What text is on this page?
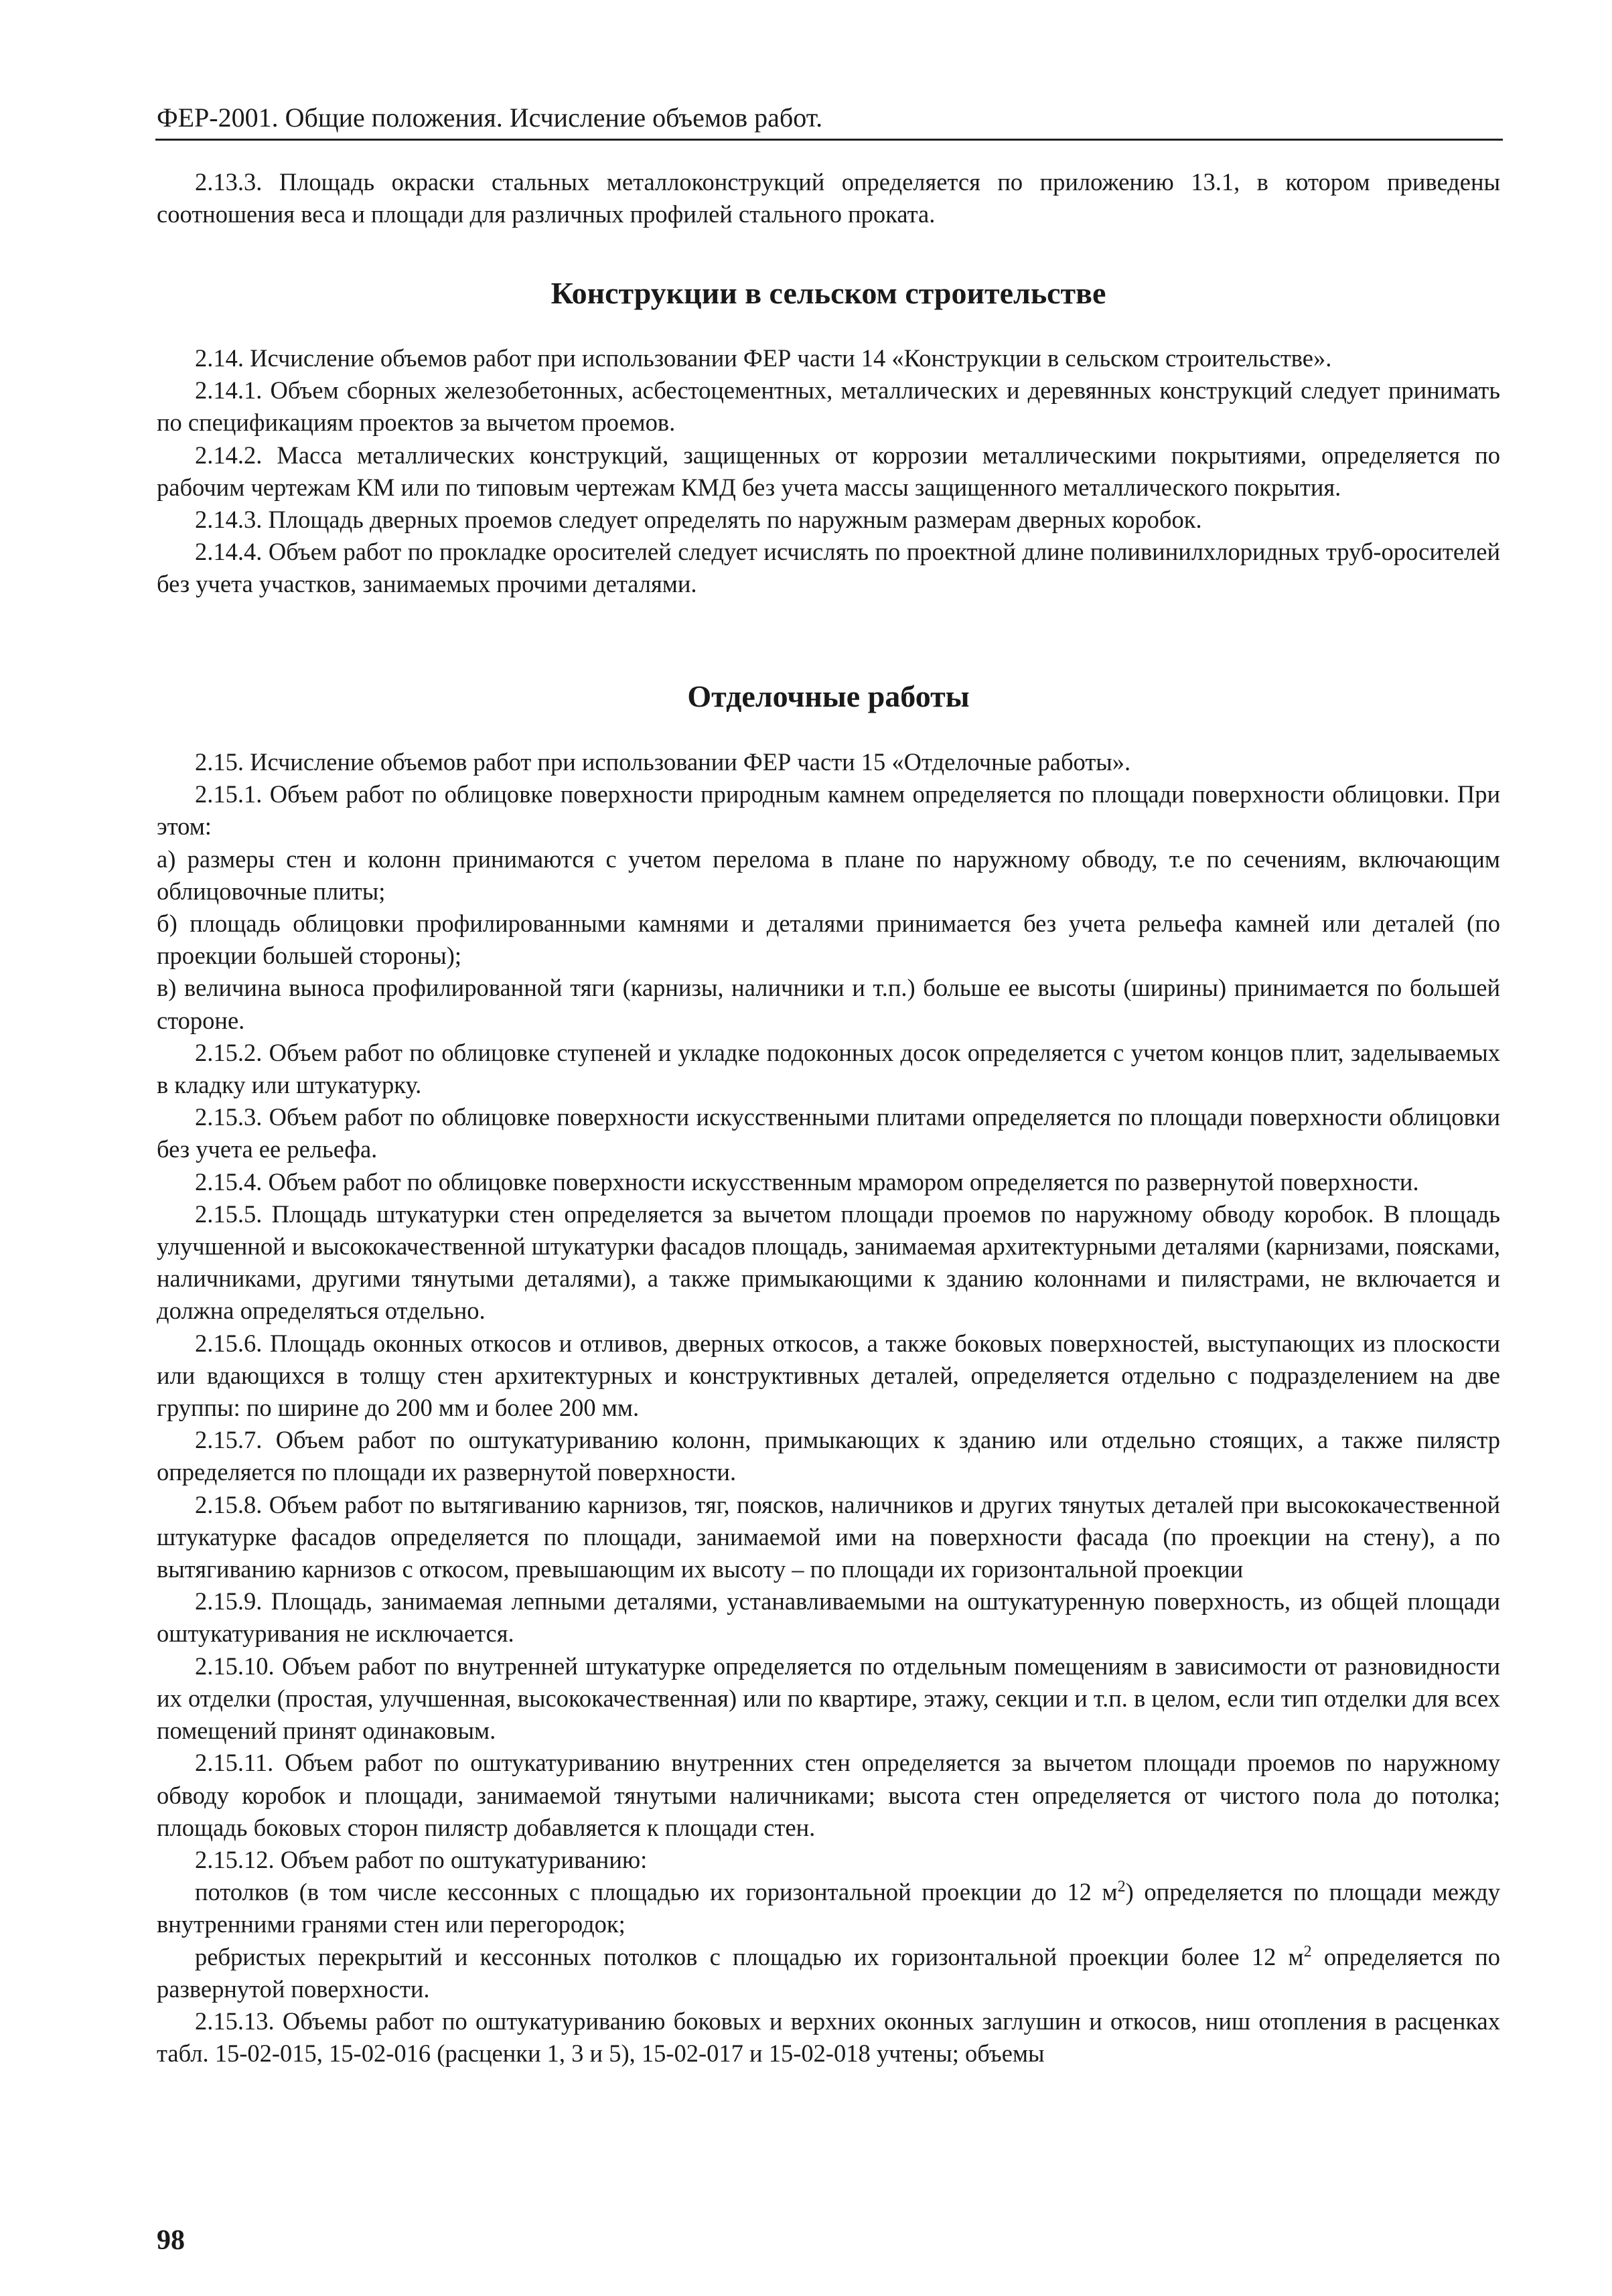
ФЕР-2001. Общие положения. Исчисление объемов работ.

2.13.3. Площадь окраски стальных металлоконструкций определяется по приложению 13.1, в котором приведены соотношения веса и площади для различных профилей стального проката.

Конструкции в сельском строительстве

2.14. Исчисление объемов работ при использовании ФЕР части 14 «Конструкции в сельском строительстве».

2.14.1. Объем сборных железобетонных, асбестоцементных, металлических и деревянных конструкций следует принимать по спецификациям проектов за вычетом проемов.

2.14.2. Масса металлических конструкций, защищенных от коррозии металлическими покрытиями, определяется по рабочим чертежам КМ или по типовым чертежам КМД без учета массы защищенного металлического покрытия.

2.14.3. Площадь дверных проемов следует определять по наружным размерам дверных коробок.

2.14.4. Объем работ по прокладке оросителей следует исчислять по проектной длине поливинилхлоридных труб-оросителей без учета участков, занимаемых прочими деталями.

Отделочные работы

2.15. Исчисление объемов работ при использовании ФЕР части 15 «Отделочные работы».

2.15.1. Объем работ по облицовке поверхности природным камнем определяется по площади поверхности облицовки. При этом:

а) размеры стен и колонн принимаются с учетом перелома в плане по наружному обводу, т.е по сечениям, включающим облицовочные плиты;

б) площадь облицовки профилированными камнями и деталями принимается без учета рельефа камней или деталей (по проекции большей стороны);

в) величина выноса профилированной тяги (карнизы, наличники и т.п.) больше ее высоты (ширины) принимается по большей стороне.

2.15.2. Объем работ по облицовке ступеней и укладке подоконных досок определяется с учетом концов плит, заделываемых в кладку или штукатурку.

2.15.3. Объем работ по облицовке поверхности искусственными плитами определяется по площади поверхности облицовки без учета ее рельефа.

2.15.4. Объем работ по облицовке поверхности искусственным мрамором определяется по развернутой поверхности.

2.15.5. Площадь штукатурки стен определяется за вычетом площади проемов по наружному обводу коробок. В площадь улучшенной и высококачественной штукатурки фасадов площадь, занимаемая архитектурными деталями (карнизами, поясками, наличниками, другими тянутыми деталями), а также примыкающими к зданию колоннами и пилястрами, не включается и должна определяться отдельно.

2.15.6. Площадь оконных откосов и отливов, дверных откосов, а также боковых поверхностей, выступающих из плоскости или вдающихся в толщу стен архитектурных и конструктивных деталей, определяется отдельно с подразделением на две группы: по ширине до 200 мм и более 200 мм.

2.15.7. Объем работ по оштукатуриванию колонн, примыкающих к зданию или отдельно стоящих, а также пилястр определяется по площади их развернутой поверхности.

2.15.8. Объем работ по вытягиванию карнизов, тяг, поясков, наличников и других тянутых деталей при высококачественной штукатурке фасадов определяется по площади, занимаемой ими на поверхности фасада (по проекции на стену), а по вытягиванию карнизов с откосом, превышающим их высоту – по площади их горизонтальной проекции

2.15.9. Площадь, занимаемая лепными деталями, устанавливаемыми на оштукатуренную поверхность, из общей площади оштукатуривания не исключается.

2.15.10. Объем работ по внутренней штукатурке определяется по отдельным помещениям в зависимости от разновидности их отделки (простая, улучшенная, высококачественная) или по квартире, этажу, секции и т.п. в целом, если тип отделки для всех помещений принят одинаковым.

2.15.11. Объем работ по оштукатуриванию внутренних стен определяется за вычетом площади проемов по наружному обводу коробок и площади, занимаемой тянутыми наличниками; высота стен определяется от чистого пола до потолка; площадь боковых сторон пилястр добавляется к площади стен.

2.15.12. Объем работ по оштукатуриванию:

потолков (в том числе кессонных с площадью их горизонтальной проекции до 12 $м^2$) определяется по площади между внутренними гранями стен или перегородок;

ребристых перекрытий и кессонных потолков с площадью их горизонтальной проекции более 12 $м^2$ определяется по развернутой поверхности.

2.15.13. Объемы работ по оштукатуриванию боковых и верхних оконных заглушин и откосов, ниш отопления в расценках табл. 15-02-015, 15-02-016 (расценки 1, 3 и 5), 15-02-017 и 15-02-018 учтены; объемы

98
